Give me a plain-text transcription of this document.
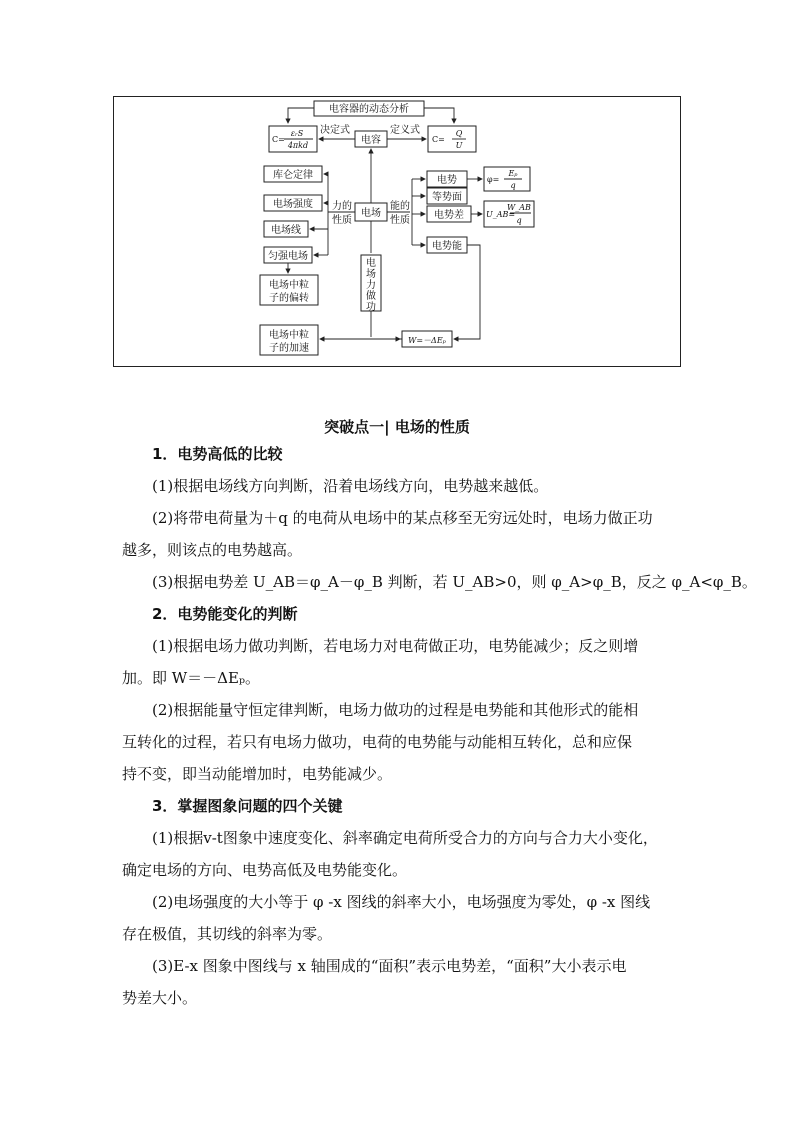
电容器的动态分析
C=
εᵣS
4πkd
决定式
电容
定义式
C=
Q
U
库仑定律
电场强度
电场线
匀强电场
力的
性质
电场
能的
性质
电势
等势面
电势差
电势能
φ=
Eₚ
q
U_AB=
W_AB
q
电
场
力
做
功
电场中粒
子的偏转
电场中粒
子的加速
W=－ΔEₚ
突破点一| 电场的性质
1．电势高低的比较
(1)根据电场线方向判断，沿着电场线方向，电势越来越低。
(2)将带电荷量为＋q 的电荷从电场中的某点移至无穷远处时，电场力做正功
越多，则该点的电势越高。
(3)根据电势差 U_AB＝φ_A－φ_B 判断，若 U_AB>0，则 φ_A>φ_B，反之 φ_A<φ_B。
2．电势能变化的判断
(1)根据电场力做功判断，若电场力对电荷做正功，电势能减少；反之则增
加。即 W＝－ΔEₚ。
(2)根据能量守恒定律判断，电场力做功的过程是电势能和其他形式的能相
互转化的过程，若只有电场力做功，电荷的电势能与动能相互转化，总和应保
持不变，即当动能增加时，电势能减少。
3．掌握图象问题的四个关键
(1)根据v-t图象中速度变化、斜率确定电荷所受合力的方向与合力大小变化，
确定电场的方向、电势高低及电势能变化。
(2)电场强度的大小等于 φ -x 图线的斜率大小，电场强度为零处，φ -x 图线
存在极值，其切线的斜率为零。
(3)E-x 图象中图线与 x 轴围成的“面积”表示电势差，“面积”大小表示电
势差大小。
